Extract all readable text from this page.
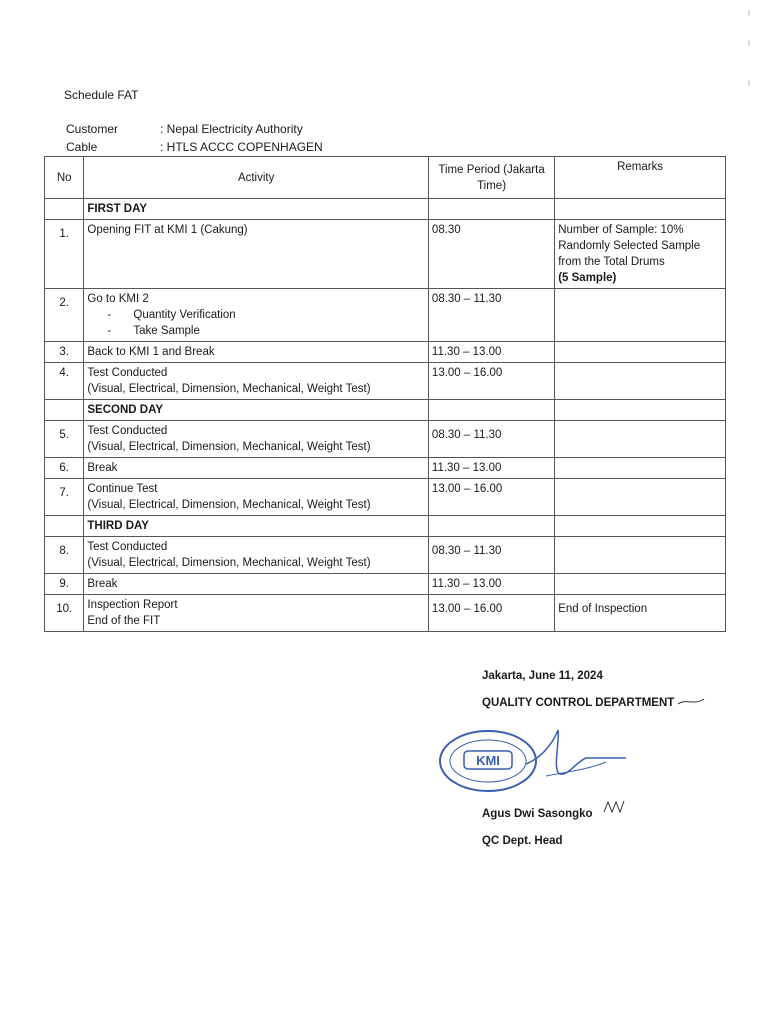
Schedule FAT
Customer	: Nepal Electricity Authority
Cable	: HTLS ACCC COPENHAGEN
No	Activity	Time Period (Jakarta Time)	Remarks
	FIRST DAY		
1.	Opening FIT at KMI 1 (Cakung)	08.30	Number of Sample: 10% Randomly Selected Sample from the Total Drums
(5 Sample)

2.	Go to KMI 2
- Quantity Verification
- Take Sample	08.30 – 11.30	
3.	Back to KMI 1 and Break	11.30 – 13.00	
4.	Test Conducted
(Visual, Electrical, Dimension, Mechanical, Weight Test)	13.00 – 16.00	
	SECOND DAY		
5.	Test Conducted
(Visual, Electrical, Dimension, Mechanical, Weight Test)	08.30 – 11.30	
6.	Break	11.30 – 13.00	
7.	Continue Test
(Visual, Electrical, Dimension, Mechanical, Weight Test)	13.00 – 16.00	
	THIRD DAY		
8.	Test Conducted
(Visual, Electrical, Dimension, Mechanical, Weight Test)	08.30 – 11.30	
9.	Break	11.30 – 13.00	
10.	Inspection Report
End of the FIT	13.00 – 16.00	End of Inspection
Jakarta, June 11, 2024
QUALITY CONTROL DEPARTMENT
KMI
Agus Dwi Sasongko
QC Dept. Head
